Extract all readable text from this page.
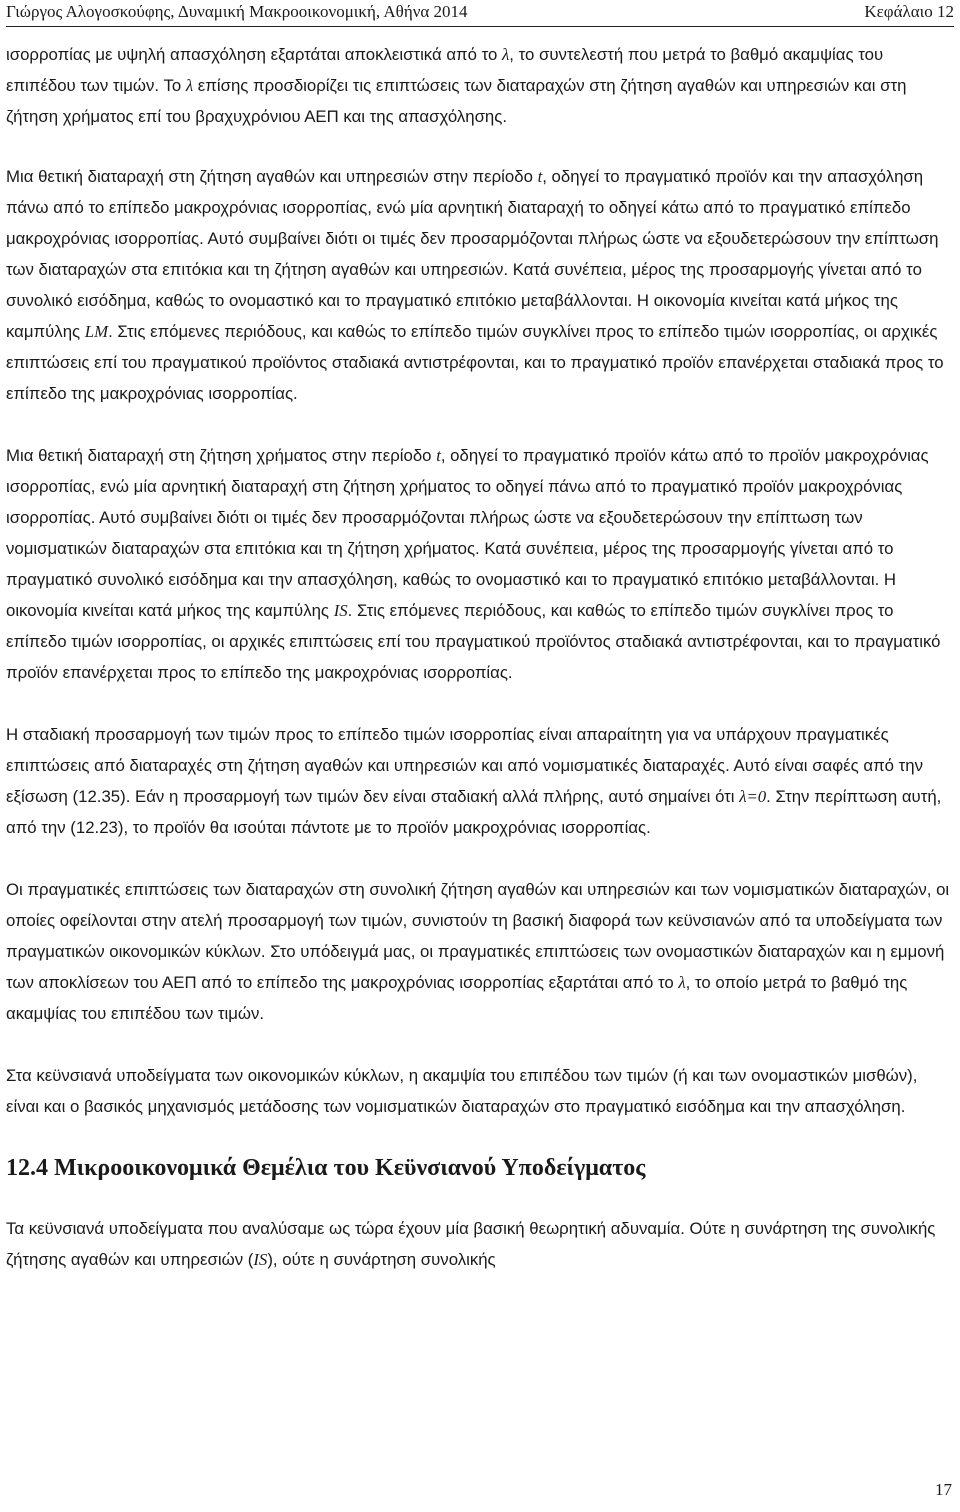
Γιώργος Αλογοσκούφης, Δυναμική Μακροοικονομική, Αθήνα 2014	Κεφάλαιο 12

ισορροπίας με υψηλή απασχόληση εξαρτάται αποκλειστικά από το λ, το συντελεστή που μετρά το βαθμό ακαμψίας του επιπέδου των τιμών. Το λ επίσης προσδιορίζει τις επιπτώσεις των διαταραχών στη ζήτηση αγαθών και υπηρεσιών και στη ζήτηση χρήματος επί του βραχυχρόνιου ΑΕΠ και της απασχόλησης.

Μια θετική διαταραχή στη ζήτηση αγαθών και υπηρεσιών στην περίοδο t, οδηγεί το πραγματικό προϊόν και την απασχόληση πάνω από το επίπεδο μακροχρόνιας ισορροπίας, ενώ μία αρνητική διαταραχή το οδηγεί κάτω από το πραγματικό επίπεδο μακροχρόνιας ισορροπίας. Αυτό συμβαίνει διότι οι τιμές δεν προσαρμόζονται πλήρως ώστε να εξουδετερώσουν την επίπτωση των διαταραχών στα επιτόκια και τη ζήτηση αγαθών και υπηρεσιών. Κατά συνέπεια, μέρος της προσαρμογής γίνεται από το συνολικό εισόδημα, καθώς το ονομαστικό και το πραγματικό επιτόκιο μεταβάλλονται. Η οικονομία κινείται κατά μήκος της καμπύλης LM. Στις επόμενες περιόδους, και καθώς το επίπεδο τιμών συγκλίνει προς το επίπεδο τιμών ισορροπίας, οι αρχικές επιπτώσεις επί του πραγματικού προϊόντος σταδιακά αντιστρέφονται, και το πραγματικό προϊόν επανέρχεται σταδιακά προς το επίπεδο της μακροχρόνιας ισορροπίας.

Μια θετική διαταραχή στη ζήτηση χρήματος στην περίοδο t, οδηγεί το πραγματικό προϊόν κάτω από το προϊόν μακροχρόνιας ισορροπίας, ενώ μία αρνητική διαταραχή στη ζήτηση χρήματος το οδηγεί πάνω από το πραγματικό προϊόν μακροχρόνιας ισορροπίας. Αυτό συμβαίνει διότι οι τιμές δεν προσαρμόζονται πλήρως ώστε να εξουδετερώσουν την επίπτωση των νομισματικών διαταραχών στα επιτόκια και τη ζήτηση χρήματος. Κατά συνέπεια, μέρος της προσαρμογής γίνεται από το πραγματικό συνολικό εισόδημα και την απασχόληση, καθώς το ονομαστικό και το πραγματικό επιτόκιο μεταβάλλονται. Η οικονομία κινείται κατά μήκος της καμπύλης IS. Στις επόμενες περιόδους, και καθώς το επίπεδο τιμών συγκλίνει προς το επίπεδο τιμών ισορροπίας, οι αρχικές επιπτώσεις επί του πραγματικού προϊόντος σταδιακά αντιστρέφονται, και το πραγματικό προϊόν επανέρχεται προς το επίπεδο της μακροχρόνιας ισορροπίας.

Η σταδιακή προσαρμογή των τιμών προς το επίπεδο τιμών ισορροπίας είναι απαραίτητη για να υπάρχουν πραγματικές επιπτώσεις από διαταραχές στη ζήτηση αγαθών και υπηρεσιών και από νομισματικές διαταραχές. Αυτό είναι σαφές από την εξίσωση (12.35). Εάν η προσαρμογή των τιμών δεν είναι σταδιακή αλλά πλήρης, αυτό σημαίνει ότι λ=0. Στην περίπτωση αυτή, από την (12.23), το προϊόν θα ισούται πάντοτε με το προϊόν μακροχρόνιας ισορροπίας.

Οι πραγματικές επιπτώσεις των διαταραχών στη συνολική ζήτηση αγαθών και υπηρεσιών και των νομισματικών διαταραχών, οι οποίες οφείλονται στην ατελή προσαρμογή των τιμών, συνιστούν τη βασική διαφορά των κεϋνσιανών από τα υποδείγματα των πραγματικών οικονομικών κύκλων. Στο υπόδειγμά μας, οι πραγματικές επιπτώσεις των ονομαστικών διαταραχών και η εμμονή των αποκλίσεων του ΑΕΠ από το επίπεδο της μακροχρόνιας ισορροπίας εξαρτάται από το λ, το οποίο μετρά το βαθμό της ακαμψίας του επιπέδου των τιμών.

Στα κεϋνσιανά υποδείγματα των οικονομικών κύκλων, η ακαμψία του επιπέδου των τιμών (ή και των ονομαστικών μισθών), είναι και ο βασικός μηχανισμός μετάδοσης των νομισματικών διαταραχών στο πραγματικό εισόδημα και την απασχόληση.

12.4 Μικροοικονομικά Θεμέλια του Κεϋνσιανού Υποδείγματος

Τα κεϋνσιανά υποδείγματα που αναλύσαμε ως τώρα έχουν μία βασική θεωρητική αδυναμία. Ούτε η συνάρτηση της συνολικής ζήτησης αγαθών και υπηρεσιών (IS), ούτε η συνάρτηση συνολικής

17
